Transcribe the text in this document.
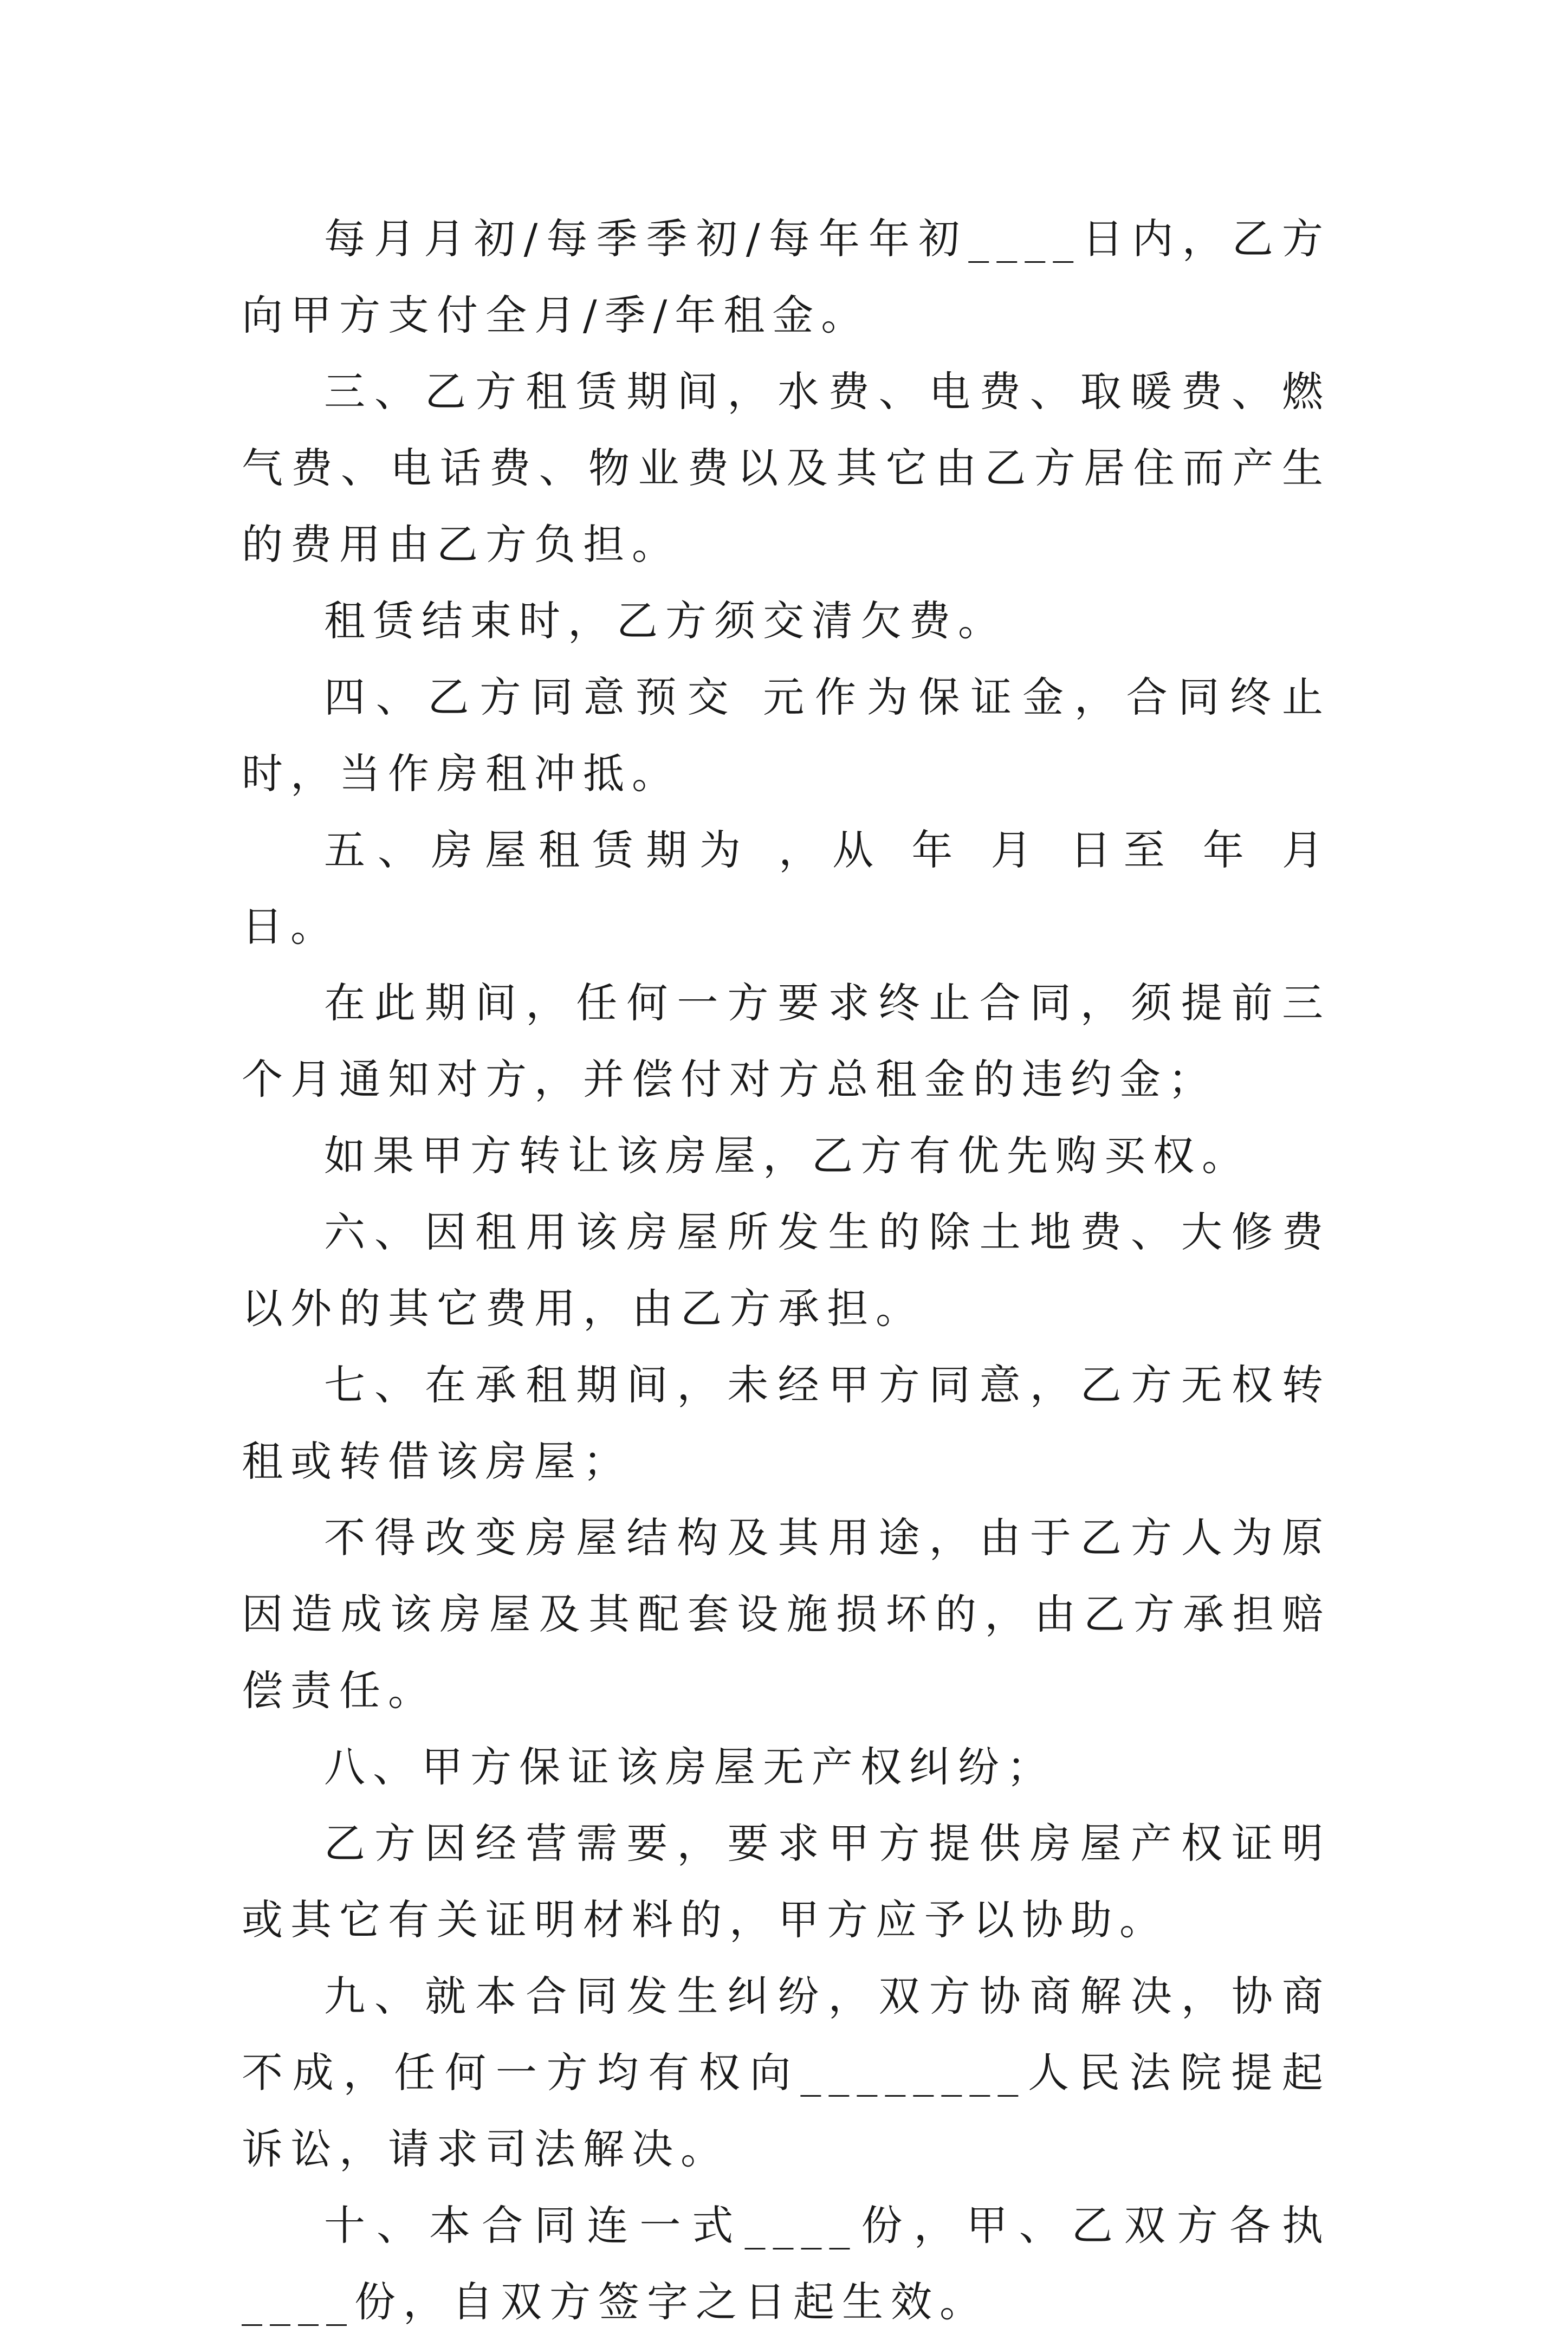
每月月初/每季季初/每年年初____日内，乙方向甲方支付全月/季/年租金。

三、乙方租赁期间，水费、电费、取暖费、燃气费、电话费、物业费以及其它由乙方居住而产生的费用由乙方负担。

租赁结束时，乙方须交清欠费。

四、乙方同意预交 元作为保证金，合同终止时，当作房租冲抵。

五、房屋租赁期为 ，从 年 月 日至 年 月 日。

在此期间，任何一方要求终止合同，须提前三个月通知对方，并偿付对方总租金的违约金；

如果甲方转让该房屋，乙方有优先购买权。

六、因租用该房屋所发生的除土地费、大修费以外的其它费用，由乙方承担。

七、在承租期间，未经甲方同意，乙方无权转租或转借该房屋；

不得改变房屋结构及其用途，由于乙方人为原因造成该房屋及其配套设施损坏的，由乙方承担赔偿责任。

八、甲方保证该房屋无产权纠纷；

乙方因经营需要，要求甲方提供房屋产权证明或其它有关证明材料的，甲方应予以协助。

九、就本合同发生纠纷，双方协商解决，协商不成，任何一方均有权向________人民法院提起诉讼，请求司法解决。

十、本合同连一式____份，甲、乙双方各执____份，自双方签字之日起生效。
